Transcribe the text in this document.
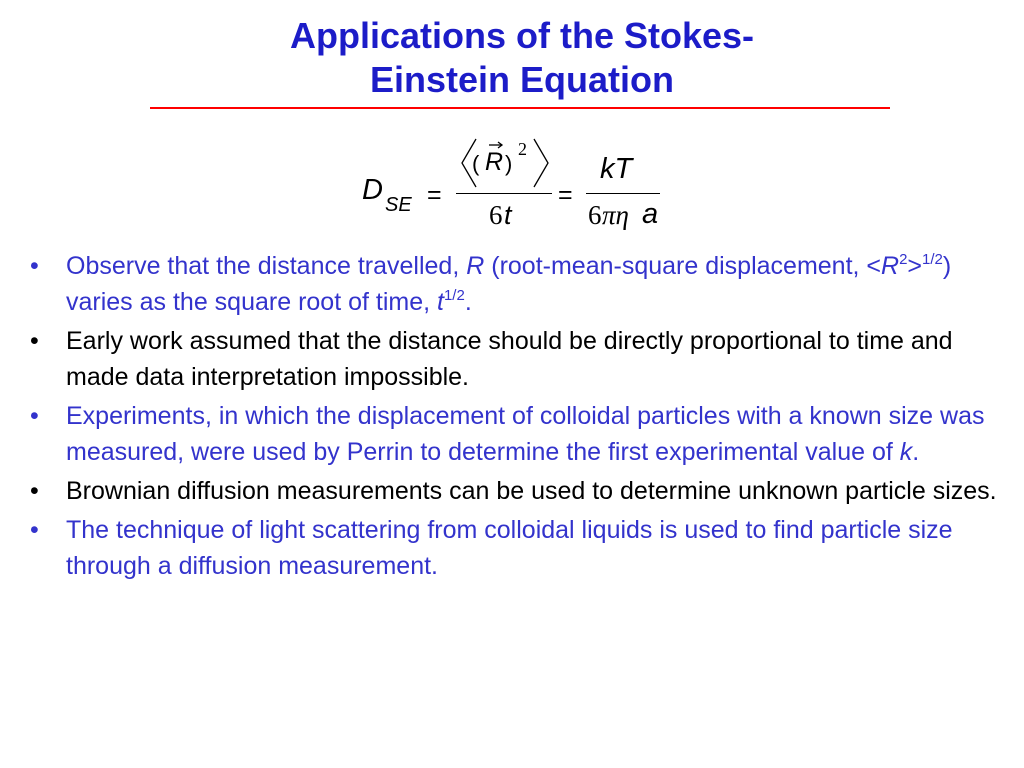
Applications of the Stokes-
Einstein Equation
D SE =
( R )
2
6 t
=
kT
6 πη a
• Observe that the distance travelled, R (root-mean-square displacement, $<R^2>^{1/2}$) varies as the square root of time, $t^{1/2}$.
• Early work assumed that the distance should be directly proportional to time and made data interpretation impossible.
• Experiments, in which the displacement of colloidal particles with a known size was measured, were used by Perrin to determine the first experimental value of k.
• Brownian diffusion measurements can be used to determine unknown particle sizes.
• The technique of light scattering from colloidal liquids is used to find particle size through a diffusion measurement.
